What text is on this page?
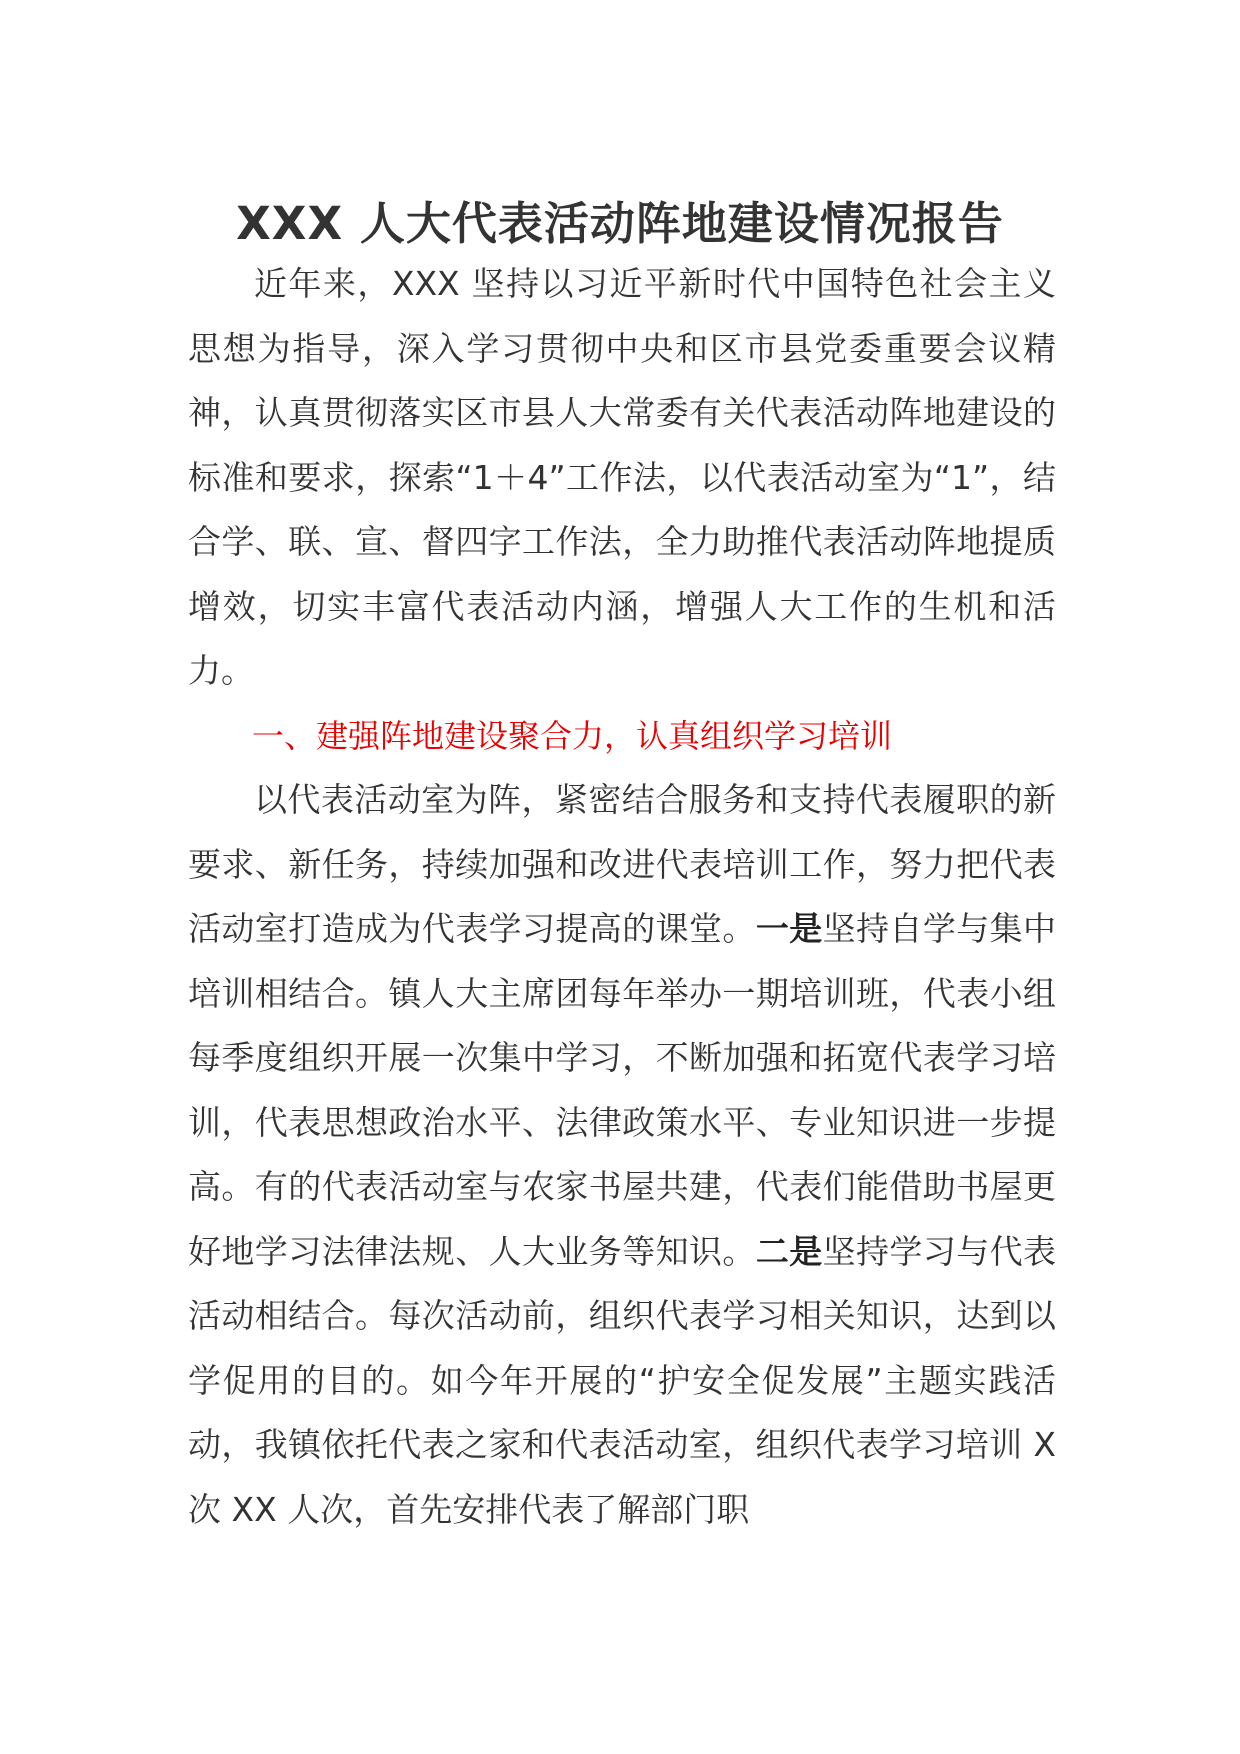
XXX 人大代表活动阵地建设情况报告

近年来，XXX 坚持以习近平新时代中国特色社会主义思想为指导，深入学习贯彻中央和区市县党委重要会议精神，认真贯彻落实区市县人大常委有关代表活动阵地建设的标准和要求，探索“1＋4”工作法，以代表活动室为“1”，结合学、联、宣、督四字工作法，全力助推代表活动阵地提质增效，切实丰富代表活动内涵，增强人大工作的生机和活力。

一、建强阵地建设聚合力，认真组织学习培训

以代表活动室为阵，紧密结合服务和支持代表履职的新要求、新任务，持续加强和改进代表培训工作，努力把代表活动室打造成为代表学习提高的课堂。一是坚持自学与集中培训相结合。镇人大主席团每年举办一期培训班，代表小组每季度组织开展一次集中学习，不断加强和拓宽代表学习培训，代表思想政治水平、法律政策水平、专业知识进一步提高。有的代表活动室与农家书屋共建，代表们能借助书屋更好地学习法律法规、人大业务等知识。二是坚持学习与代表活动相结合。每次活动前，组织代表学习相关知识，达到以学促用的目的。如今年开展的“护安全促发展”主题实践活动，我镇依托代表之家和代表活动室，组织代表学习培训 X 次 XX 人次，首先安排代表了解部门职
